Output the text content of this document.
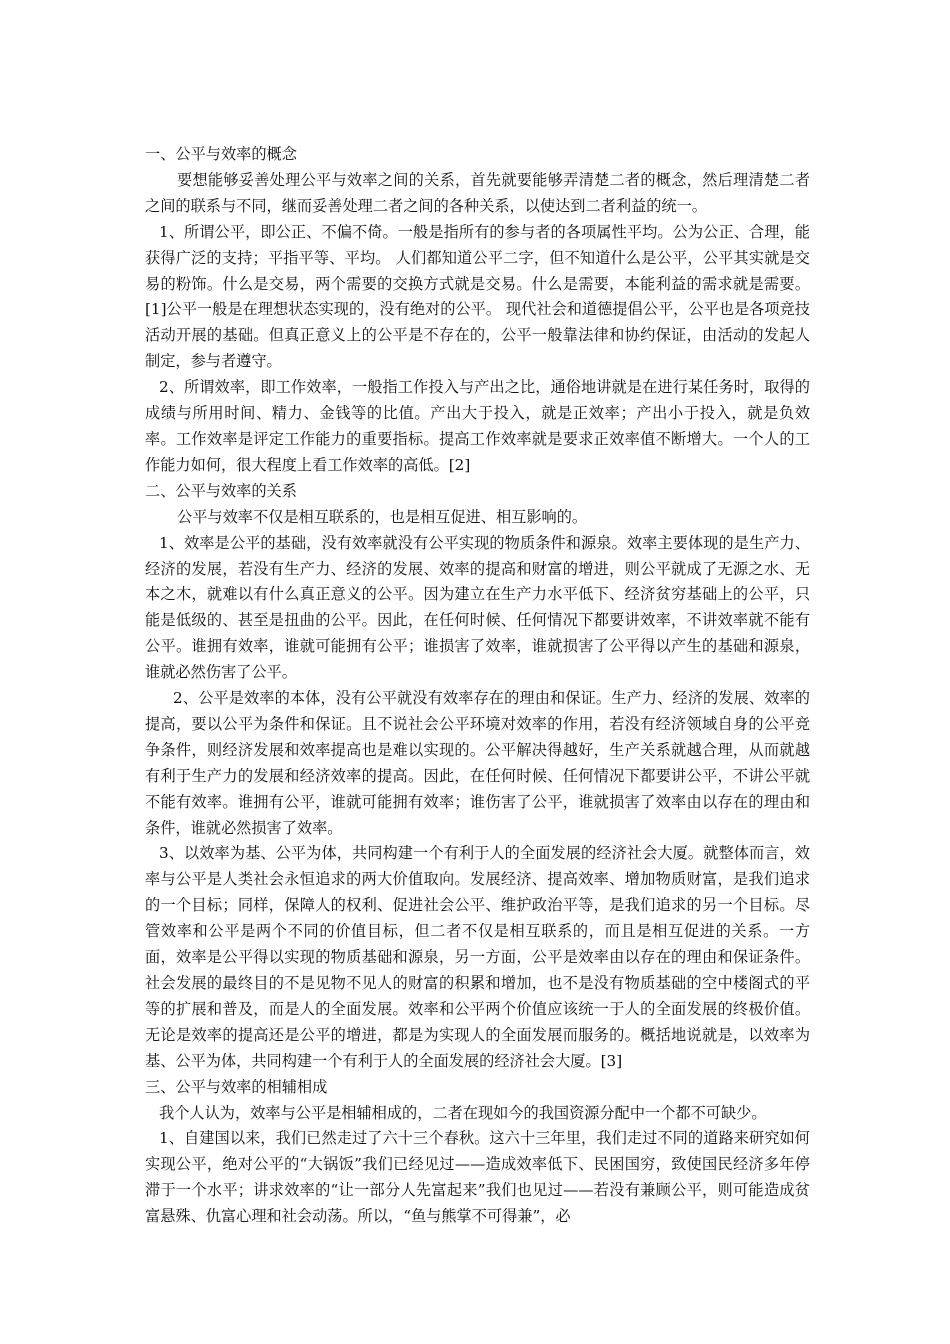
一、公平与效率的概念

要想能够妥善处理公平与效率之间的关系，首先就要能够弄清楚二者的概念，然后理清楚二者之间的联系与不同，继而妥善处理二者之间的各种关系，以使达到二者利益的统一。

1、所谓公平，即公正、不偏不倚。一般是指所有的参与者的各项属性平均。公为公正、合理，能获得广泛的支持；平指平等、平均。 人们都知道公平二字，但不知道什么是公平，公平其实就是交易的粉饰。什么是交易，两个需要的交换方式就是交易。什么是需要，本能利益的需求就是需要。[1]公平一般是在理想状态实现的，没有绝对的公平。 现代社会和道德提倡公平，公平也是各项竞技活动开展的基础。但真正意义上的公平是不存在的，公平一般靠法律和协约保证，由活动的发起人制定，参与者遵守。

2、所谓效率，即工作效率，一般指工作投入与产出之比，通俗地讲就是在进行某任务时，取得的成绩与所用时间、精力、金钱等的比值。产出大于投入，就是正效率；产出小于投入，就是负效率。工作效率是评定工作能力的重要指标。提高工作效率就是要求正效率值不断增大。一个人的工作能力如何，很大程度上看工作效率的高低。[2]

二、公平与效率的关系

公平与效率不仅是相互联系的，也是相互促进、相互影响的。

1、效率是公平的基础，没有效率就没有公平实现的物质条件和源泉。效率主要体现的是生产力、经济的发展，若没有生产力、经济的发展、效率的提高和财富的增进，则公平就成了无源之水、无本之木，就难以有什么真正意义的公平。因为建立在生产力水平低下、经济贫穷基础上的公平，只能是低级的、甚至是扭曲的公平。因此，在任何时候、任何情况下都要讲效率，不讲效率就不能有公平。谁拥有效率，谁就可能拥有公平；谁损害了效率，谁就损害了公平得以产生的基础和源泉，谁就必然伤害了公平。

2、公平是效率的本体，没有公平就没有效率存在的理由和保证。生产力、经济的发展、效率的提高，要以公平为条件和保证。且不说社会公平环境对效率的作用，若没有经济领域自身的公平竞争条件，则经济发展和效率提高也是难以实现的。公平解决得越好，生产关系就越合理，从而就越有利于生产力的发展和经济效率的提高。因此，在任何时候、任何情况下都要讲公平，不讲公平就不能有效率。谁拥有公平，谁就可能拥有效率；谁伤害了公平，谁就损害了效率由以存在的理由和条件，谁就必然损害了效率。

3、以效率为基、公平为体，共同构建一个有利于人的全面发展的经济社会大厦。就整体而言，效率与公平是人类社会永恒追求的两大价值取向。发展经济、提高效率、增加物质财富，是我们追求的一个目标；同样，保障人的权利、促进社会公平、维护政治平等，是我们追求的另一个目标。尽管效率和公平是两个不同的价值目标，但二者不仅是相互联系的，而且是相互促进的关系。一方面，效率是公平得以实现的物质基础和源泉，另一方面，公平是效率由以存在的理由和保证条件。社会发展的最终目的不是见物不见人的财富的积累和增加，也不是没有物质基础的空中楼阁式的平等的扩展和普及，而是人的全面发展。效率和公平两个价值应该统一于人的全面发展的终极价值。无论是效率的提高还是公平的增进，都是为实现人的全面发展而服务的。概括地说就是，以效率为基、公平为体，共同构建一个有利于人的全面发展的经济社会大厦。[3]

三、公平与效率的相辅相成

我个人认为，效率与公平是相辅相成的，二者在现如今的我国资源分配中一个都不可缺少。

1、自建国以来，我们已然走过了六十三个春秋。这六十三年里，我们走过不同的道路来研究如何实现公平，绝对公平的“大锅饭”我们已经见过——造成效率低下、民困国穷，致使国民经济多年停滞于一个水平；讲求效率的“让一部分人先富起来”我们也见过——若没有兼顾公平，则可能造成贫富悬殊、仇富心理和社会动荡。所以，“鱼与熊掌不可得兼”，必
